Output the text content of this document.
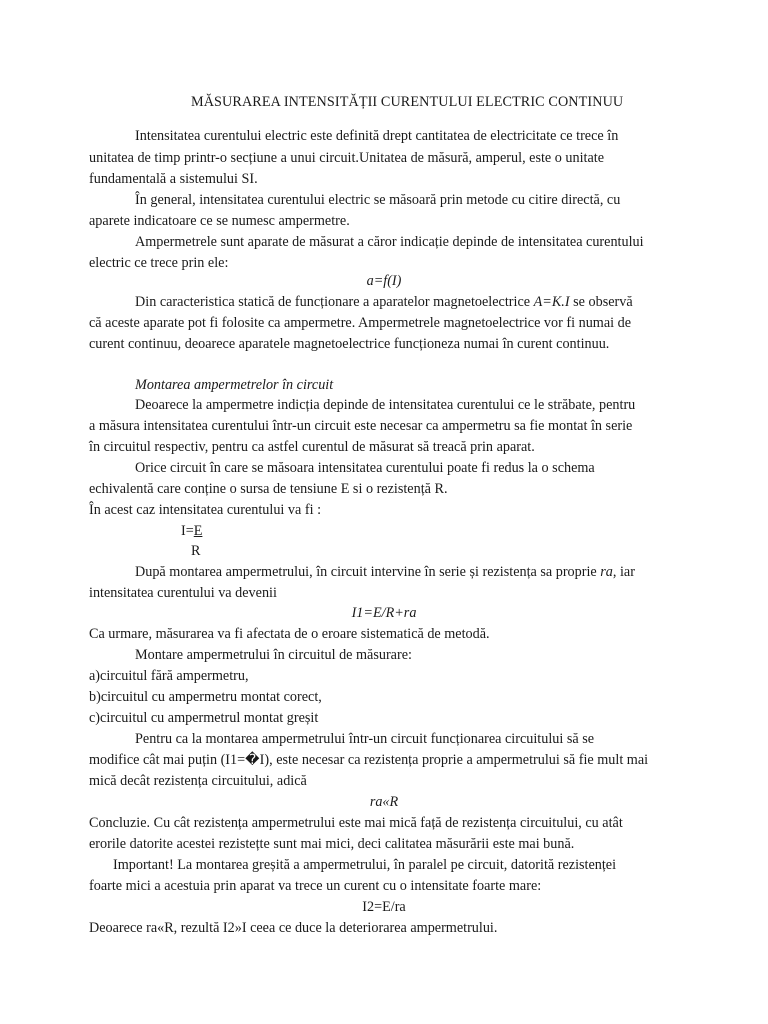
MĂSURAREA INTENSITĂȚII CURENTULUI ELECTRIC CONTINUU
Intensitatea curentului electric este definită drept cantitatea de electricitate ce trece în
unitatea de timp printr-o secțiune a unui circuit.Unitatea de măsură, amperul, este o unitate
fundamentală a sistemului SI.
În general, intensitatea curentului electric se măsoară prin metode cu citire directă, cu
aparete indicatoare ce se numesc ampermetre.
Ampermetrele sunt aparate de măsurat a căror indicație depinde de intensitatea curentului
electric ce trece prin ele:
a=f(I)
Din caracteristica statică de funcționare a aparatelor magnetoelectrice A=K.I se observă
că aceste aparate pot fi folosite ca ampermetre. Ampermetrele magnetoelectrice vor fi numai de
curent continuu, deoarece aparatele magnetoelectrice funcționeza numai în curent continuu.
Montarea ampermetrelor în circuit
Deoarece la ampermetre indicția depinde de intensitatea curentului ce le străbate, pentru
a măsura intensitatea curentului într-un circuit este necesar ca ampermetru sa fie montat în serie
în circuitul respectiv, pentru ca astfel curentul de măsurat să treacă prin aparat.
Orice circuit în care se măsoara intensitatea curentului poate fi redus la o schema
echivalentă care conține o sursa de tensiune E si o rezistență R.
În acest caz intensitatea curentului va fi :
I=E
R
După montarea ampermetrului, în circuit intervine în serie și rezistența sa proprie ra, iar
intensitatea curentului va devenii
I1=E/R+ra
Ca urmare, măsurarea va fi afectata de o eroare sistematică de metodă.
Montare ampermetrului în circuitul de măsurare:
a)circuitul fără ampermetru,
b)circuitul cu ampermetru montat corect,
c)circuitul cu ampermetrul montat greșit
Pentru ca la montarea ampermetrului într-un circuit funcționarea circuitului să se
modifice cât mai puțin (I1=�I), este necesar ca rezistența proprie a ampermetrului să fie mult mai
mică decât rezistența circuitului, adică
ra«R
Concluzie. Cu cât rezistența ampermetrului este mai mică față de rezistența circuitului, cu atât
erorile datorite acestei rezistețte sunt mai mici, deci calitatea măsurării este mai bună.
Important! La montarea greșită a ampermetrului, în paralel pe circuit, datorită rezistenței
foarte mici a acestuia prin aparat va trece un curent cu o intensitate foarte mare:
I2=E/ra
Deoarece ra«R, rezultă I2»I ceea ce duce la deteriorarea ampermetrului.
